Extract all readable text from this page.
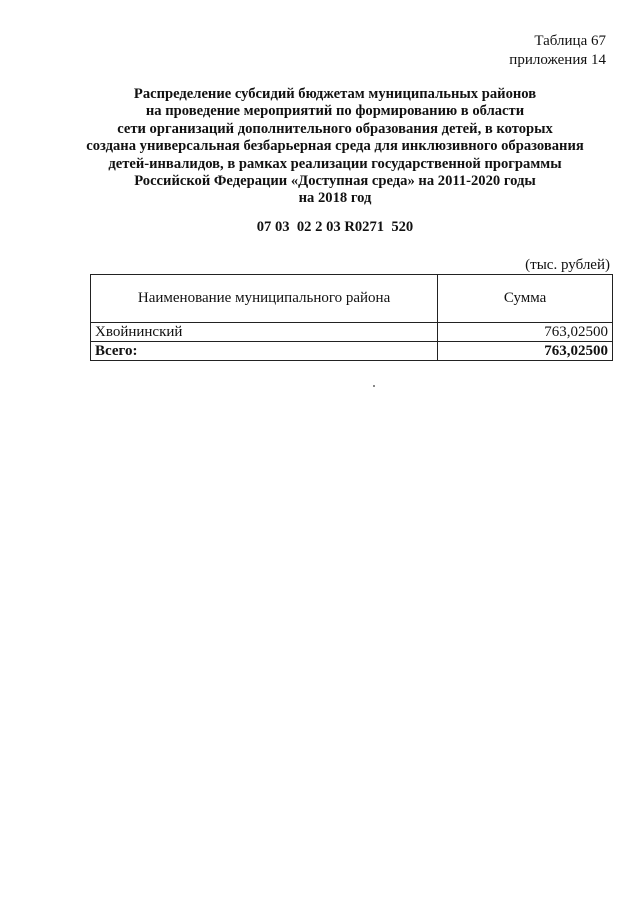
Таблица 67
приложения 14
Распределение субсидий бюджетам муниципальных районов
на проведение мероприятий по формированию в области
сети организаций дополнительного образования детей, в которых
создана универсальная безбарьерная среда для инклюзивного образования
детей-инвалидов, в рамках реализации государственной программы
Российской Федерации «Доступная среда» на 2011-2020 годы
на 2018 год
07 03  02 2 03 R0271  520
(тыс. рублей)
Наименование муниципального района	Сумма
Хвойнинский	763,02500
Всего:	763,02500
